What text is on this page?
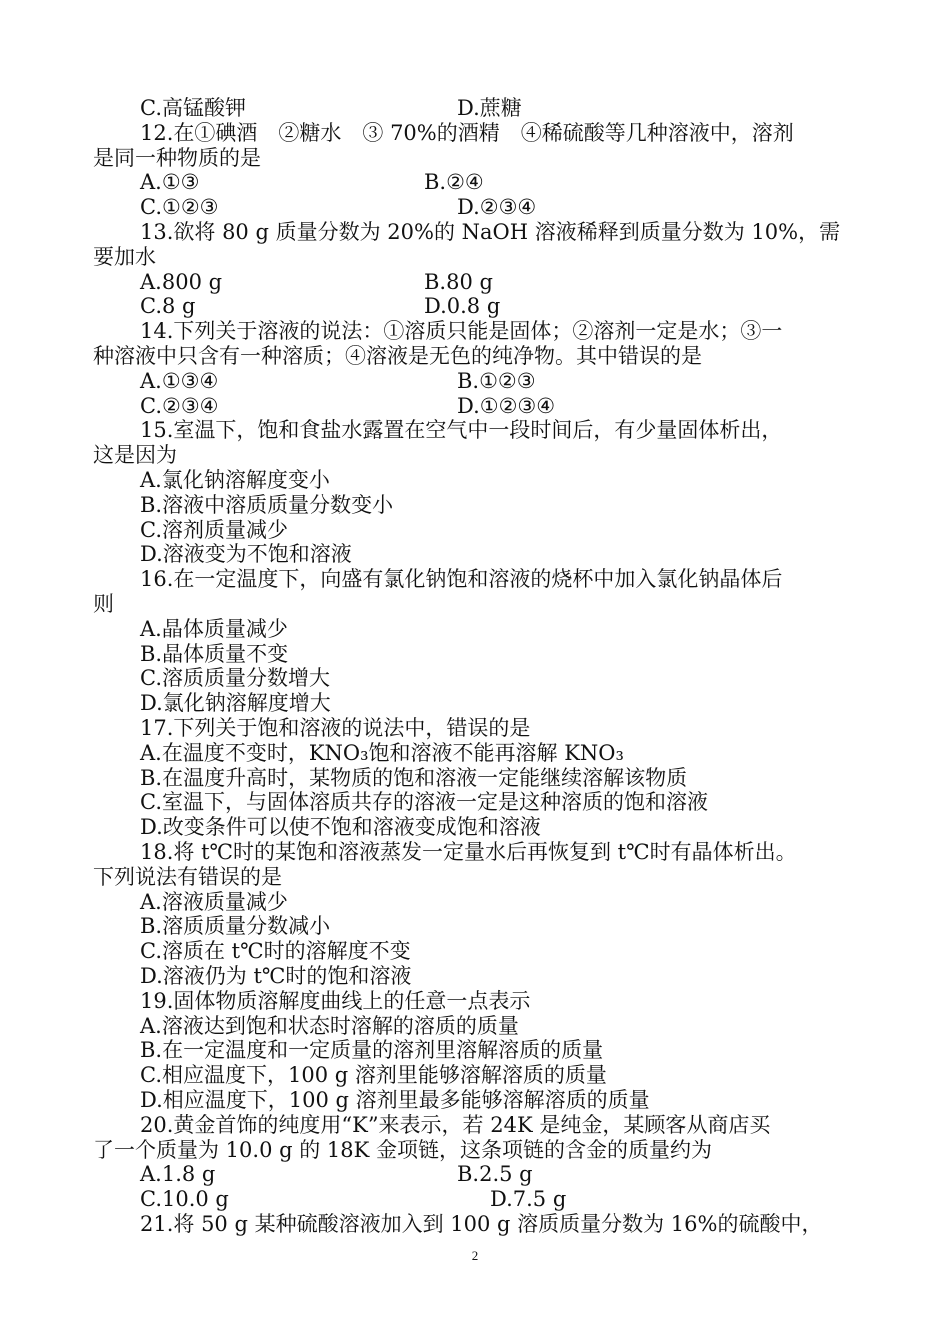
C.高锰酸钾	D.蔗糖
12.在①碘酒　②糖水　③ 70%的酒精　④稀硫酸等几种溶液中，溶剂
是同一种物质的是
A.①③	B.②④
C.①②③	D.②③④
13.欲将 80 g 质量分数为 20%的 NaOH 溶液稀释到质量分数为 10%，需
要加水
A.800 g	B.80 g
C.8 g	D.0.8 g
14.下列关于溶液的说法：①溶质只能是固体；②溶剂一定是水；③一
种溶液中只含有一种溶质；④溶液是无色的纯净物。其中错误的是
A.①③④	B.①②③
C.②③④	D.①②③④
15.室温下，饱和食盐水露置在空气中一段时间后，有少量固体析出，
这是因为
A.氯化钠溶解度变小
B.溶液中溶质质量分数变小
C.溶剂质量减少
D.溶液变为不饱和溶液
16.在一定温度下，向盛有氯化钠饱和溶液的烧杯中加入氯化钠晶体后
则
A.晶体质量减少
B.晶体质量不变
C.溶质质量分数增大
D.氯化钠溶解度增大
17.下列关于饱和溶液的说法中，错误的是
A.在温度不变时，KNO₃饱和溶液不能再溶解 KNO₃
B.在温度升高时，某物质的饱和溶液一定能继续溶解该物质
C.室温下，与固体溶质共存的溶液一定是这种溶质的饱和溶液
D.改变条件可以使不饱和溶液变成饱和溶液
18.将 t℃时的某饱和溶液蒸发一定量水后再恢复到 t℃时有晶体析出。
下列说法有错误的是
A.溶液质量减少
B.溶质质量分数减小
C.溶质在 t℃时的溶解度不变
D.溶液仍为 t℃时的饱和溶液
19.固体物质溶解度曲线上的任意一点表示
A.溶液达到饱和状态时溶解的溶质的质量
B.在一定温度和一定质量的溶剂里溶解溶质的质量
C.相应温度下，100 g 溶剂里能够溶解溶质的质量
D.相应温度下，100 g 溶剂里最多能够溶解溶质的质量
20.黄金首饰的纯度用“K”来表示，若 24K 是纯金，某顾客从商店买
了一个质量为 10.0 g 的 18K 金项链，这条项链的含金的质量约为
A.1.8 g	B.2.5 g
C.10.0 g	D.7.5 g
21.将 50 g 某种硫酸溶液加入到 100 g 溶质质量分数为 16%的硫酸中，
2
